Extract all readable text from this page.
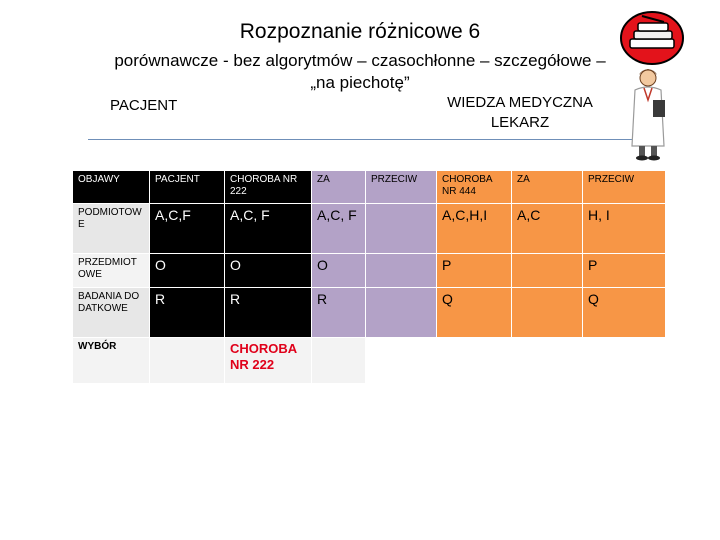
Rozpoznanie różnicowe 6
porównawcze - bez algorytmów – czasochłonne – szczegółowe –
„na piechotę”
PACJENT	WIEDZA MEDYCZNA
LEKARZ
OBJAWY	PACJENT	CHOROBA NR 222	ZA	PRZECIW	CHOROBA NR 444	ZA	PRZECIW
PODMIOTOWE	A,C,F	A,C, F	A,C, F		A,C,H,I	A,C	H, I
PRZEDMIOTOWE	O	O	O		P		P
BADANIA DODATKOWE	R	R	R		Q		Q
WYBÓR		CHOROBA
NR 222					
